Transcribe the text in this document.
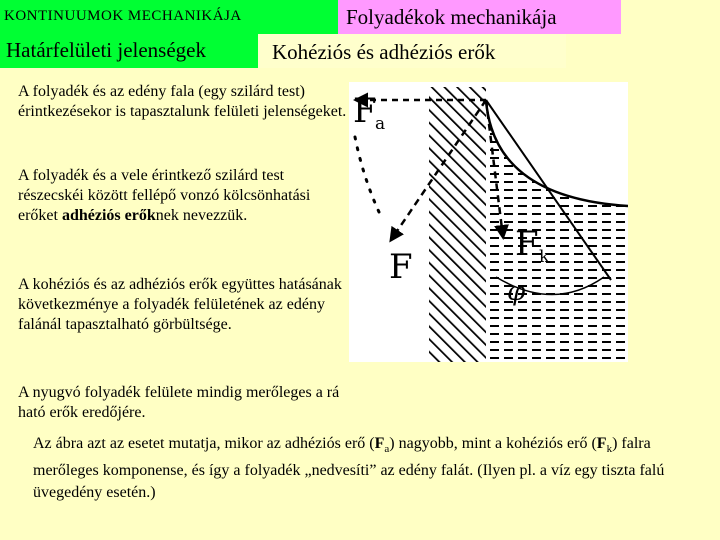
KONTINUUMOK MECHANIKÁJA	Folyadékok mechanikája
Határfelületi jelenségek	Kohéziós és adhéziós erők

A folyadék és az edény fala (egy szilárd test) érintkezésekor is tapasztalunk felületi jelenségeket.

A folyadék és a vele érintkező szilárd test részecskéi között fellépő vonzó kölcsönhatási erőket adhéziós erőknek nevezzük.

A kohéziós és az adhéziós erők együttes hatásának következménye a folyadék felületének az edény falánál tapasztalható görbültsége.

A nyugvó folyadék felülete mindig merőleges a rá ható erők eredőjére.

Az ábra azt az esetet mutatja, mikor az adhéziós erő $(F_a)$ nagyobb, mint a kohéziós erő $(F_k)$ falra merőleges komponense, és így a folyadék „nedvesíti” az edény falát. (Ilyen pl. a víz egy tiszta falú üvegedény esetén.)

F
a
F
F k
φ
